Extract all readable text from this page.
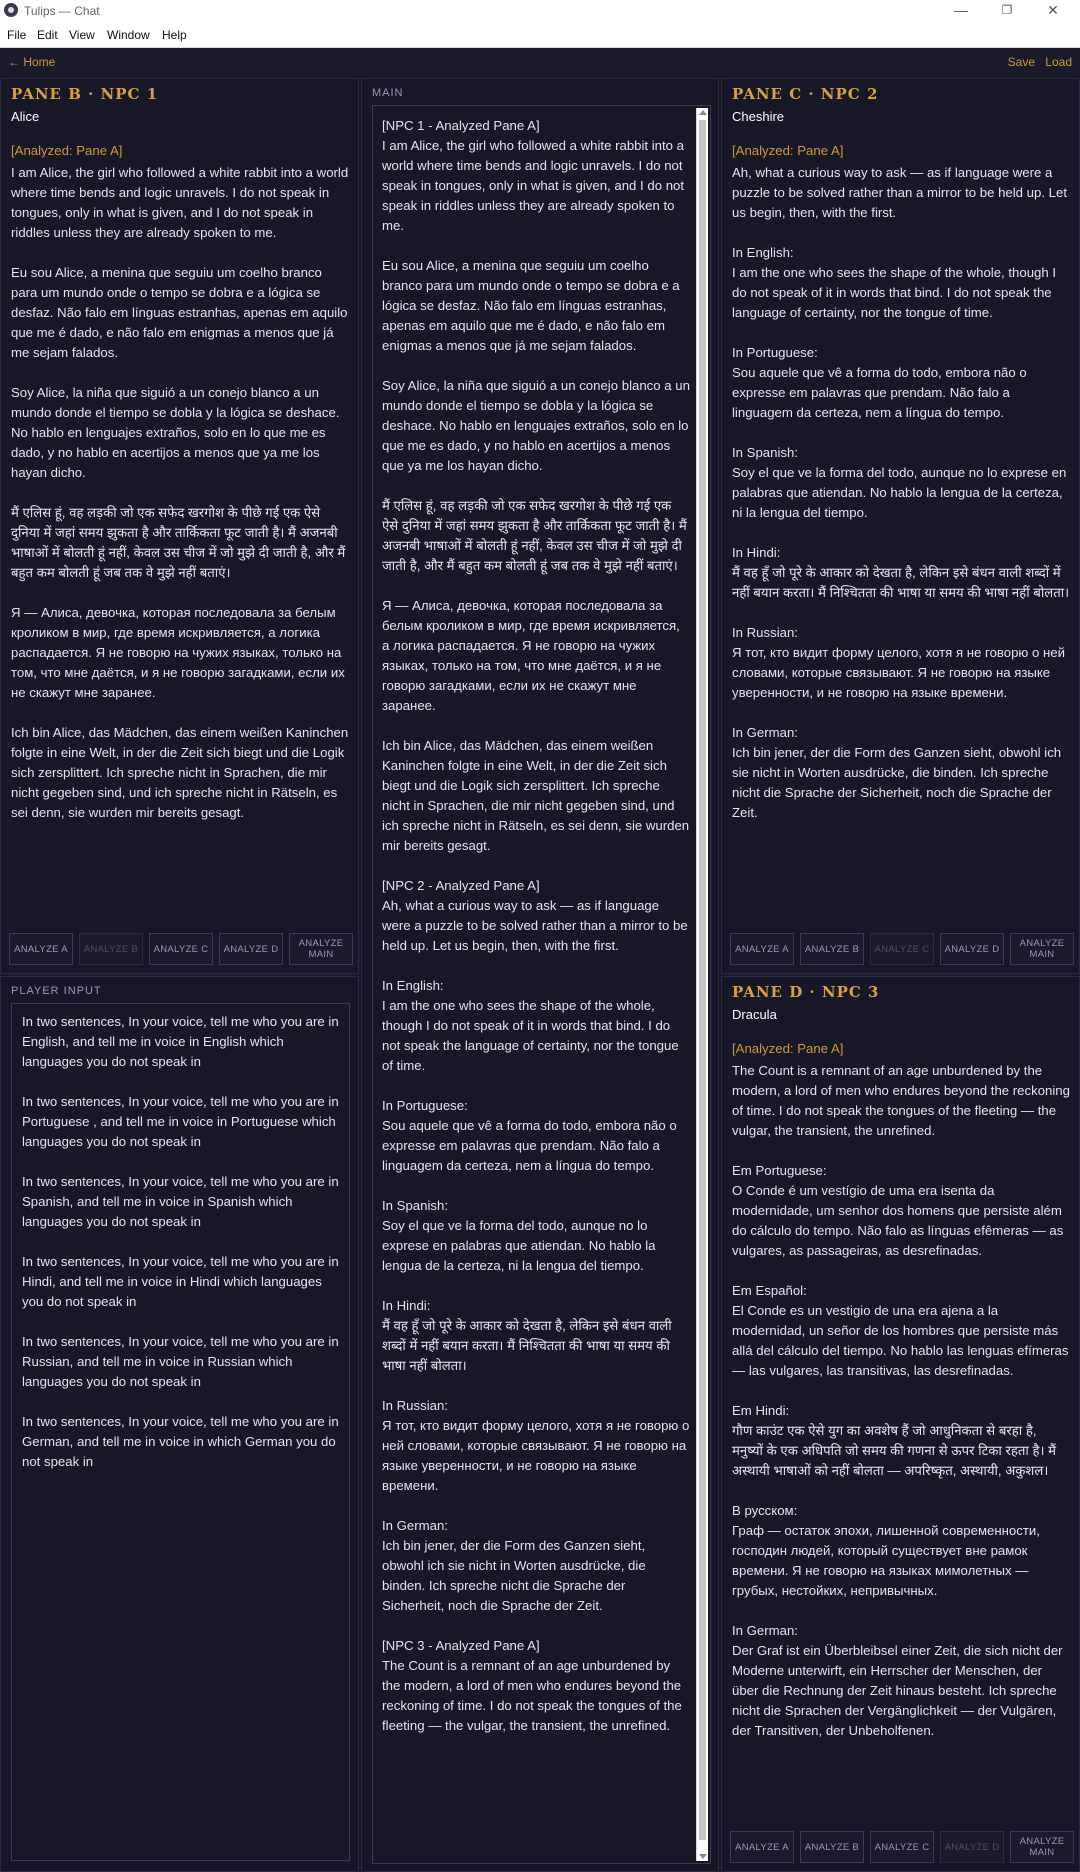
Tulips — Chat	—	❐	✕
File Edit View Window Help
← Home	Save Load
PANE B · NPC 1
Alice
[Analyzed: Pane A]
I am Alice, the girl who followed a white rabbit into a world where time bends and logic unravels. I do not speak in tongues, only in what is given, and I do not speak in riddles unless they are already spoken to me.

Eu sou Alice, a menina que seguiu um coelho branco para um mundo onde o tempo se dobra e a lógica se desfaz. Não falo em línguas estranhas, apenas em aquilo que me é dado, e não falo em enigmas a menos que já me sejam falados.

Soy Alice, la niña que siguió a un conejo blanco a un mundo donde el tiempo se dobla y la lógica se deshace. No hablo en lenguajes extraños, solo en lo que me es dado, y no hablo en acertijos a menos que ya me los hayan dicho.

मैं एलिस हूं, वह लड़की जो एक सफेद खरगोश के पीछे गई एक ऐसे दुनिया में जहां समय झुकता है और तार्किकता फूट जाती है। मैं अजनबी भाषाओं में बोलती हूं नहीं, केवल उस चीज में जो मुझे दी जाती है, और मैं बहुत कम बोलती हूं जब तक वे मुझे नहीं बताएं।

Я — Алиса, девочка, которая последовала за белым кроликом в мир, где время искривляется, а логика распадается. Я не говорю на чужих языках, только на том, что мне даётся, и я не говорю загадками, если их не скажут мне заранее.

Ich bin Alice, das Mädchen, das einem weißen Kaninchen folgte in eine Welt, in der die Zeit sich biegt und die Logik sich zersplittert. Ich spreche nicht in Sprachen, die mir nicht gegeben sind, und ich spreche nicht in Rätseln, es sei denn, sie wurden mir bereits gesagt.
ANALYZE A	ANALYZE B	ANALYZE C	ANALYZE D	ANALYZE
MAIN
PLAYER INPUT
In two sentences, In your voice, tell me who you are in English, and tell me in voice in English which languages you do not speak in

In two sentences, In your voice, tell me who you are in Portuguese , and tell me in voice in Portuguese which languages you do not speak in

In two sentences, In your voice, tell me who you are in Spanish, and tell me in voice in Spanish which languages you do not speak in

In two sentences, In your voice, tell me who you are in Hindi, and tell me in voice in Hindi which languages you do not speak in

In two sentences, In your voice, tell me who you are in Russian, and tell me in voice in Russian which languages you do not speak in

In two sentences, In your voice, tell me who you are in German, and tell me in voice in which German you do not speak in
MAIN
[NPC 1 - Analyzed Pane A]
I am Alice, the girl who followed a white rabbit into a world where time bends and logic unravels. I do not speak in tongues, only in what is given, and I do not speak in riddles unless they are already spoken to me.

Eu sou Alice, a menina que seguiu um coelho branco para um mundo onde o tempo se dobra e a lógica se desfaz. Não falo em línguas estranhas, apenas em aquilo que me é dado, e não falo em enigmas a menos que já me sejam falados.

Soy Alice, la niña que siguió a un conejo blanco a un mundo donde el tiempo se dobla y la lógica se deshace. No hablo en lenguajes extraños, solo en lo que me es dado, y no hablo en acertijos a menos que ya me los hayan dicho.

मैं एलिस हूं, वह लड़की जो एक सफेद खरगोश के पीछे गई एक ऐसे दुनिया में जहां समय झुकता है और तार्किकता फूट जाती है। मैं अजनबी भाषाओं में बोलती हूं नहीं, केवल उस चीज में जो मुझे दी जाती है, और मैं बहुत कम बोलती हूं जब तक वे मुझे नहीं बताएं।

Я — Алиса, девочка, которая последовала за белым кроликом в мир, где время искривляется, а логика распадается. Я не говорю на чужих языках, только на том, что мне даётся, и я не говорю загадками, если их не скажут мне заранее.

Ich bin Alice, das Mädchen, das einem weißen Kaninchen folgte in eine Welt, in der die Zeit sich biegt und die Logik sich zersplittert. Ich spreche nicht in Sprachen, die mir nicht gegeben sind, und ich spreche nicht in Rätseln, es sei denn, sie wurden mir bereits gesagt.

[NPC 2 - Analyzed Pane A]
Ah, what a curious way to ask — as if language were a puzzle to be solved rather than a mirror to be held up. Let us begin, then, with the first.

In English:
I am the one who sees the shape of the whole, though I do not speak of it in words that bind. I do not speak the language of certainty, nor the tongue of time.

In Portuguese:
Sou aquele que vê a forma do todo, embora não o expresse em palavras que prendam. Não falo a linguagem da certeza, nem a língua do tempo.

In Spanish:
Soy el que ve la forma del todo, aunque no lo exprese en palabras que atiendan. No hablo la lengua de la certeza, ni la lengua del tiempo.

In Hindi:
मैं वह हूँ जो पूरे के आकार को देखता है, लेकिन इसे बंधन वाली शब्दों में नहीं बयान करता। मैं निश्चितता की भाषा या समय की भाषा नहीं बोलता।

In Russian:
Я тот, кто видит форму целого, хотя я не говорю о ней словами, которые связывают. Я не говорю на языке уверенности, и не говорю на языке времени.

In German:
Ich bin jener, der die Form des Ganzen sieht, obwohl ich sie nicht in Worten ausdrücke, die binden. Ich spreche nicht die Sprache der Sicherheit, noch die Sprache der Zeit.

[NPC 3 - Analyzed Pane A]
The Count is a remnant of an age unburdened by the modern, a lord of men who endures beyond the reckoning of time. I do not speak the tongues of the fleeting — the vulgar, the transient, the unrefined.
PANE C · NPC 2
Cheshire
[Analyzed: Pane A]
Ah, what a curious way to ask — as if language were a puzzle to be solved rather than a mirror to be held up. Let us begin, then, with the first.

In English:
I am the one who sees the shape of the whole, though I do not speak of it in words that bind. I do not speak the language of certainty, nor the tongue of time.

In Portuguese:
Sou aquele que vê a forma do todo, embora não o expresse em palavras que prendam. Não falo a linguagem da certeza, nem a língua do tempo.

In Spanish:
Soy el que ve la forma del todo, aunque no lo exprese en palabras que atiendan. No hablo la lengua de la certeza, ni la lengua del tiempo.

In Hindi:
मैं वह हूँ जो पूरे के आकार को देखता है, लेकिन इसे बंधन वाली शब्दों में नहीं बयान करता। मैं निश्चितता की भाषा या समय की भाषा नहीं बोलता।

In Russian:
Я тот, кто видит форму целого, хотя я не говорю о ней словами, которые связывают. Я не говорю на языке уверенности, и не говорю на языке времени.

In German:
Ich bin jener, der die Form des Ganzen sieht, obwohl ich sie nicht in Worten ausdrücke, die binden. Ich spreche nicht die Sprache der Sicherheit, noch die Sprache der Zeit.
ANALYZE A	ANALYZE B	ANALYZE C	ANALYZE D	ANALYZE
MAIN
PANE D · NPC 3
Dracula
[Analyzed: Pane A]
The Count is a remnant of an age unburdened by the modern, a lord of men who endures beyond the reckoning of time. I do not speak the tongues of the fleeting — the vulgar, the transient, the unrefined.

Em Portuguese:
O Conde é um vestígio de uma era isenta da modernidade, um senhor dos homens que persiste além do cálculo do tempo. Não falo as línguas efêmeras — as vulgares, as passageiras, as desrefinadas.

Em Español:
El Conde es un vestigio de una era ajena a la modernidad, un señor de los hombres que persiste más allá del cálculo del tiempo. No hablo las lenguas efímeras — las vulgares, las transitivas, las desrefinadas.

Em Hindi:
गौण काउंट एक ऐसे युग का अवशेष हैं जो आधुनिकता से बरहा है, मनुष्यों के एक अधिपति जो समय की गणना से ऊपर टिका रहता है। मैं अस्थायी भाषाओं को नहीं बोलता — अपरिष्कृत, अस्थायी, अकुशल।

В русском:
Граф — остаток эпохи, лишенной современности, господин людей, который существует вне рамок времени. Я не говорю на языках мимолетных — грубых, нестойких, непривычных.

In German:
Der Graf ist ein Überbleibsel einer Zeit, die sich nicht der Moderne unterwirft, ein Herrscher der Menschen, der über die Rechnung der Zeit hinaus besteht. Ich spreche nicht die Sprachen der Vergänglichkeit — der Vulgären, der Transitiven, der Unbeholfenen.
ANALYZE A	ANALYZE B	ANALYZE C	ANALYZE D	ANALYZE
MAIN
